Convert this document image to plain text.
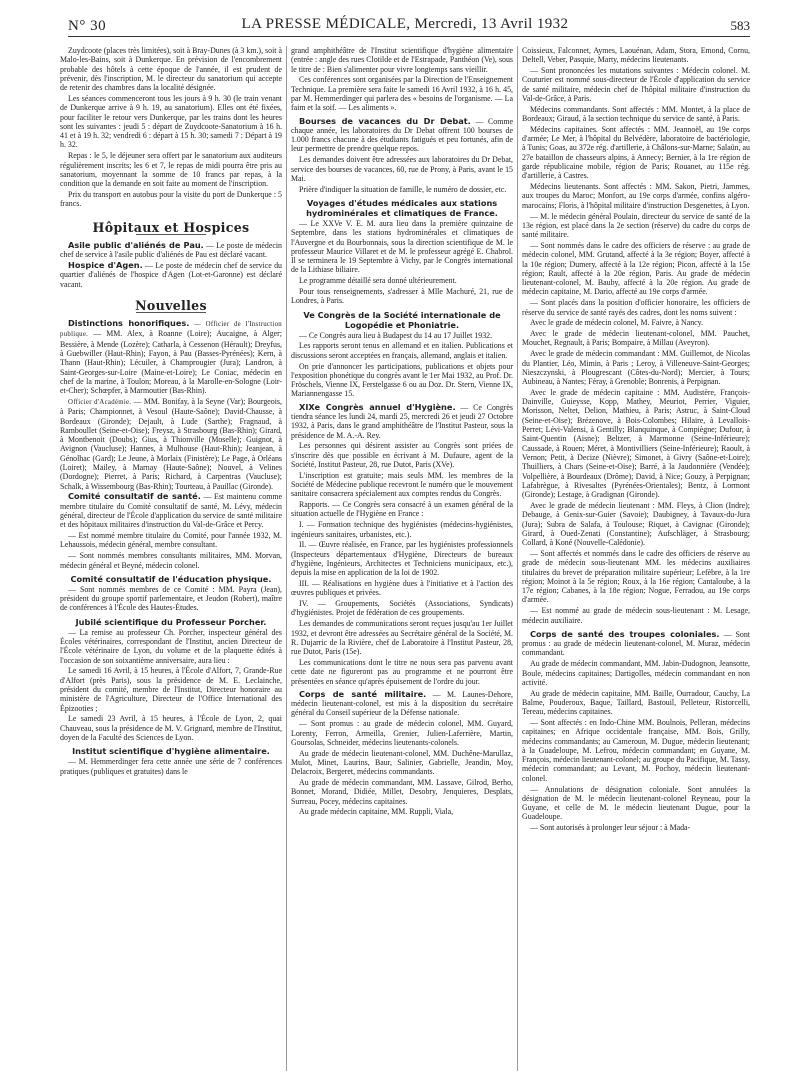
N° 30	LA PRESSE MÉDICALE, Mercredi, 13 Avril 1932	583

Zuydcoote (places très limitées), soit à Bray-Dunes (à 3 km.), soit à Malo-les-Bains, soit à Dunkerque. En prévision de l'encombrement probable des hôtels à cette époque de l'année, il est prudent de prévenir, dès l'inscription, M. le directeur du sanatorium qui accepte de retenir des chambres dans la localité désignée.

Les séances commenceront tous les jours à 9 h. 30 (le train venant de Dunkerque arrive à 9 h. 19, au sanatorium). Elles ont été fixées, pour faciliter le retour vers Dunkerque, par les trains dont les heures sont les suivantes : jeudi 5 : départ de Zuydcoote-Sanatorium à 16 h. 41 et à 19 h. 32; vendredi 6 : départ à 15 h. 30; samedi 7 : Départ à 19 h. 32.

Repas : le 5, le déjeuner sera offert par le sanatorium aux auditeurs régulièrement inscrits; les 6 et 7, le repas de midi pourra être pris au sanatorium, moyennant la somme de 10 francs par repas, à la condition que la demande en soit faite au moment de l'inscription.

Prix du transport en autobus pour la visite du port de Dunkerque : 5 francs.

Hôpitaux et Hospices

Asile public d'aliénés de Pau. — Le poste de médecin chef de service à l'asile public d'aliénés de Pau est déclaré vacant.

Hospice d'Agen. — Le poste de médecin chef de service du quartier d'aliénés de l'hospice d'Agen (Lot-et-Garonne) est déclaré vacant.

Nouvelles

Distinctions honorifiques. — Officier de l'Instruction publique. — MM. Alex, à Roanne (Loire); Aucaigne, à Alger; Bessière, à Mende (Lozère); Catharla, à Cessenon (Hérault); Dreyfus, à Guebwiller (Haut-Rhin); Fayon, à Pau (Basses-Pyrénées); Kern, à Thann (Haut-Rhin); Lécuiler, à Champrougier (Jura); Landron, à Saint-Georges-sur-Loire (Maine-et-Loire); Le Coniac, médecin en chef de la marine, à Toulon; Moreau, à la Marolle-en-Sologne (Loir-et-Cher); Schœpfer, à Marmoutier (Bas-Rhin).

Officier d'Académie. — MM. Bonifay, à la Seyne (Var); Bourgeois, à Paris; Championnet, à Vesoul (Haute-Saône); David-Chausse, à Bordeaux (Gironde); Dejault, à Lude (Sarthe); Fragnaud, à Ramboullet (Seine-et-Oise); Freysz, à Strasbourg (Bas-Rhin); Girard, à Montbenoit (Doubs); Gius, à Thionville (Moselle); Guignot, à Avignon (Vaucluse); Hannes, à Mulhouse (Haut-Rhin); Jeanjean, à Génolhac (Gard); Le Jeune, à Morlaix (Finistère); Le Page, à Orléans (Loiret); Mailey, à Marnay (Haute-Saône); Nouvel, à Velines (Dordogne); Pierret, à Paris; Richard, à Carpentras (Vaucluse); Schalk, à Wissembourg (Bas-Rhin); Tourteau, à Pauillac (Gironde).

Comité consultatif de santé. — Est maintenu comme membre titulaire du Comité consultatif de santé, M. Lévy, médecin général, directeur de l'École d'application du service de santé militaire et des hôpitaux militaires d'instruction du Val-de-Grâce et Percy.

— Est nommé membre titulaire du Comité, pour l'année 1932, M. Lehaussois, médecin général, membre consultant.

— Sont nommés membres consultants militaires, MM. Morvan, médecin général et Beyné, médecin colonel.

Comité consultatif de l'éducation physique.

— Sont nommés membres de ce Comité : MM. Payra (Jean), président du groupe sportif parlementaire, et Jeudon (Robert), maître de conférences à l'École des Hautes-Études.

Jubilé scientifique du Professeur Porcher.

— La remise au professeur Ch. Porcher, inspecteur général des Écoles vétérinaires, correspondant de l'Institut, ancien Directeur de l'École vétérinaire de Lyon, du volume et de la plaquette édités à l'occasion de son soixantième anniversaire, aura lieu :

Le samedi 16 Avril, à 15 heures, à l'École d'Alfort, 7, Grande-Rue d'Alfort (près Paris), sous la présidence de M. E. Leclainche, président du comité, membre de l'Institut, Directeur honoraire au ministère de l'Agriculture, Directeur de l'Office International des Épizooties ;

Le samedi 23 Avril, à 15 heures, à l'École de Lyon, 2, quai Chauveau, sous la présidence de M. V. Grignard, membre de l'Institut, doyen de la Faculté des Sciences de Lyon.

Institut scientifique d'hygiène alimentaire.

— M. Hemmerdinger fera cette année une série de 7 conférences pratiques (publiques et gratuites) dans le

grand amphithéâtre de l'Institut scientifique d'hygiène alimentaire (entrée : angle des rues Clotilde et de l'Estrapade, Panthéon (Ve), sous le titre de : Bien s'alimenter pour vivre longtemps sans vieillir.

Ces conférences sont organisées par la Direction de l'Enseignement Technique. La première sera faite le samedi 16 Avril 1932, à 16 h. 45, par M. Hemmerdinger qui parlera des « besoins de l'organisme. — La faim et la soif. — Les aliments ».

Bourses de vacances du Dr Debat. — Comme chaque année, les laboratoires du Dr Debat offrent 100 bourses de 1.000 francs chacune à des étudiants fatigués et peu fortunés, afin de leur permettre de prendre quelque repos.

Les demandes doivent être adressées aux laboratoires du Dr Debat, service des bourses de vacances, 60, rue de Prony, à Paris, avant le 15 Mai.

Prière d'indiquer la situation de famille, le numéro de dossier, etc.

Voyages d'études médicales aux stations hydrominérales et climatiques de France.

— Le XXVe V. E. M. aura lieu dans la première quinzaine de Septembre, dans les stations hydrominérales et climatiques de l'Auvergne et du Bourbonnais, sous la direction scientifique de M. le professeur Maurice Villaret et de M. le professeur agrégé E. Chabrol. Il se terminera le 19 Septembre à Vichy, par le Congrès international de la Lithiase biliaire.

Le programme détaillé sera donné ultérieurement.

Pour tous renseignements, s'adresser à Mlle Machuré, 21, rue de Londres, à Paris.

Ve Congrès de la Société internationale de Logopédie et Phoniatrie.

— Ce Congrès aura lieu à Budapest du 14 au 17 Juillet 1932.

Les rapports seront tenus en allemand et en italien. Publications et discussions seront acceptées en français, allemand, anglais et italien.

On prie d'annoncer les participations, publications et objets pour l'exposition phonétique du congrès avant le 1er Mai 1932, au Prof. Dr. Fröschels, Vienne IX, Ferstelgasse 6 ou au Doz. Dr. Stern, Vienne IX, Mariannengasse 15.

XIXe Congrès annuel d'Hygiène. — Ce Congrès tiendra séance les lundi 24, mardi 25, mercredi 26 et jeudi 27 Octobre 1932, à Paris, dans le grand amphithéâtre de l'Institut Pasteur, sous la présidence de M. A.-A. Rey.

Les personnes qui désirent assister au Congrès sont priées de s'inscrire dès que possible en écrivant à M. Dufaure, agent de la Société, Institut Pasteur, 28, rue Dutot, Paris (XVe).

L'inscription est gratuite; mais seuls MM. les membres de la Société de Médecine publique recevront le numéro que le mouvement sanitaire consacrera spécialement aux comptes rendus du Congrès.

Rapports. — Ce Congrès sera consacré à un examen général de la situation actuelle de l'Hygiène en France :

I. — Formation technique des hygiénistes (médecins-hygiénistes, ingénieurs sanitaires, urbanistes, etc.).

II. — Œuvre réalisée, en France, par les hygiénistes professionnels (Inspecteurs départementaux d'Hygiène, Directeurs de bureaux d'hygiène, Ingénieurs, Architectes et Techniciens municipaux, etc.), depuis la mise en application de la loi de 1902.

III. — Réalisations en hygiène dues à l'initiative et à l'action des œuvres publiques et privées.

IV. — Groupements, Sociétés (Associations, Syndicats) d'hygiénistes. Projet de fédération de ces groupements.

Les demandes de communications seront reçues jusqu'au 1er Juillet 1932, et devront être adressées au Secrétaire général de la Société, M. R. Dujarric de la Rivière, chef de Laboratoire à l'Institut Pasteur, 28, rue Dutot, Paris (15e).

Les communications dont le titre ne nous sera pas parvenu avant cette date ne figureront pas au programme et ne pourront être présentées en séance qu'après épuisement de l'ordre du jour.

Corps de santé militaire. — M. Launes-Dehore, médecin lieutenant-colonel, est mis à la disposition du secrétaire général du Conseil supérieur de la Défense nationale.

— Sont promus : au grade de médecin colonel, MM. Guyard, Lorenty, Ferron, Armeilla, Grenier, Julien-Laferrière, Martin, Goursolas, Schneider, médecins lieutenants-colonels.

Au grade de médecin lieutenant-colonel, MM. Duchêne-Marullaz, Mulot, Minet, Laurins, Baur, Salinier, Gabrielle, Jeandin, Moy, Delacroix, Bergeret, médecins commandants.

Au grade de médecin commandant, MM. Lassave, Gilrod, Berho, Bonnet, Morand, Didiée, Millet, Desobry, Jenquieres, Desplats, Surreau, Pocey, médecins capitaines.

Au grade médecin capitaine, MM. Ruppli, Viala,

Coissieux, Falconnet, Aymes, Laouénan, Adam, Stora, Emond, Cornu, Deltell, Veber, Pasquie, Marty, médecins lieutenants.

— Sont prononcées les mutations suivantes : Médecin colonel. M. Couturier est nommé sous-directeur de l'École d'application du service de santé militaire, médecin chef de l'hôpital militaire d'instruction du Val-de-Grâce, à Paris.

Médecins commandants. Sont affectés : MM. Montet, à la place de Bordeaux; Giraud, à la section technique du service de santé, à Paris.

Médecins capitaines. Sont affectés : MM. Jeannoël, au 19e corps d'armée; Le Mer, à l'hôpital du Belvédère, laboratoire de bactériologie, à Tunis; Goas, au 372e rég. d'artillerie, à Châlons-sur-Marne; Salaün, au 27e bataillon de chasseurs alpins, à Annecy; Bernier, à la 1re région de garde républicaine mobile, région de Paris; Rouanet, au 115e rég. d'artillerie, à Castres.

Médecins lieutenants. Sont affectés : MM. Sakon, Pietri, Jammes, aux troupes du Maroc; Monfort, au 19e corps d'armée, confins algéro-marocains; Floris, à l'hôpital militaire d'instruction Desgenettes, à Lyon.

— M. le médecin général Poulain, directeur du service de santé de la 13e région, est placé dans la 2e section (réserve) du cadre du corps de santé militaire.

— Sont nommés dans le cadre des officiers de réserve : au grade de médecin colonel, MM. Grutand, affecté à la 3e région; Boyer, affecté à la 10e région; Dumery, affecté à la 12e région; Picon, affecté à la 15e région; Rault, affecté à la 20e région, Paris. Au grade de médecin lieutenant-colonel, M. Bauby, affecté à la 20e région. Au grade de médecin capitaine, M. Dario, affecté au 19e corps d'armée.

— Sont placés dans la position d'officier honoraire, les officiers de réserve du service de santé rayés des cadres, dont les noms suivent :

Avec le grade de médecin colonel, M. Faivre, à Nancy.

Avec le grade de médecin lieutenant-colonel, MM. Pauchet, Mouchet, Regnault, à Paris; Bompaire, à Millau (Aveyron).

Avec le grade de médecin commandant : MM. Guillemot, de Nicolas du Plantier, Léo, Mimin, à Paris ; Leroy, à Villeneuve-Saint-Georges; Nieszczynski, à Plougrescant (Côtes-du-Nord); Mercier, à Tours; Aubineau, à Nantes; Féray, à Grenoble; Bonrenis, à Perpignan.

Avec le grade de médecin capitaine : MM. Audistère, François-Dainville, Guieysse, Kopp, Mathey, Meuriot, Perrier, Viguier, Morisson, Neltet, Delion, Mathieu, à Paris; Astruc, à Saint-Cloud (Seine-et-Oise); Brézenove, à Bois-Colombes; Hilaire, à Levallois-Perret; Lévi-Valensi, à Gentilly; Blanquinque, à Compiègne; Dufour, à Saint-Quentin (Aisne); Beltzer, à Marmonne (Seine-Inférieure); Caussade, à Rouen; Méret, à Montivilliers (Seine-Inférieure); Raoult, à Vernon; Petit, à Decize (Nièvre); Simonet, à Givry (Saône-et-Loire); Thuilliers, à Chars (Seine-et-Oise); Barré, à la Jaudonnière (Vendée); Volpellière, à Bourdeaux (Drôme); David, à Nice; Gouzy, à Perpignan; Lafabrègue, à Rivesaltes (Pyrénées-Orientales); Bentz, à Lormont (Gironde); Lestage, à Gradignan (Gironde).

Avec le grade de médecin lieutenant : MM. Fleys, à Clion (Indre); Debauge, à Genix-sur-Guier (Savoie); Daubigney, à Tavaux-du-Jura (Jura); Subra de Salafa, à Toulouse; Riquet, à Cavignac (Gironde); Girard, à Oued-Zenati (Constantine); Aufschläger, à Strasbourg; Collard, à Koné (Nouvelle-Calédonie).

— Sont affectés et nommés dans le cadre des officiers de réserve au grade de médecin sous-lieutenant MM. les médecins auxiliaires titulaires du brevet de préparation militaire supérieur; Lefèbre, à la 1re région; Moinot à la 5e région; Roux, à la 16e région; Cantaloube, à la 17e région; Cabanes, à la 18e région; Nogue, Ferradou, au 19e corps d'armée.

— Est nommé au grade de médecin sous-lieutenant : M. Lesage, médecin auxiliaire.

Corps de santé des troupes coloniales. — Sont promus : au grade de médecin lieutenant-colonel, M. Muraz, médecin commandant.

Au grade de médecin commandant, MM. Jabin-Dudognon, Jeansotte, Boule, médecins capitaines; Dartigolles, médecin commandant en non activité.

Au grade de médecin capitaine, MM. Baille, Ourradour, Cauchy, La Balme, Pouderoux, Baque, Taillard, Bastouil, Pelleteur, Ristorcelli, Tereau, médecins capitaines.

— Sont affectés : en Indo-Chine MM. Boulnois, Pelleran, médecins capitaines; en Afrique occidentale française, MM. Bois, Grilly, médecins commandants; au Cameroun, M. Dugue, médecin lieutenant; à la Guadeloupe, M. Lefrou, médecin commandant; en Guyane, M. François, médecin lieutenant-colonel; au groupe du Pacifique, M. Tassy, médecin commandant; au Levant, M. Pochoy, médecin lieutenant-colonel.

— Annulations de désignation coloniale. Sont annulées la désignation de M. le médecin lieutenant-colonel Reyneau, pour la Guyane, et celle de M. le médecin lieutenant Dugue, pour la Guadeloupe.

— Sont autorisés à prolonger leur séjour : à Mada-
